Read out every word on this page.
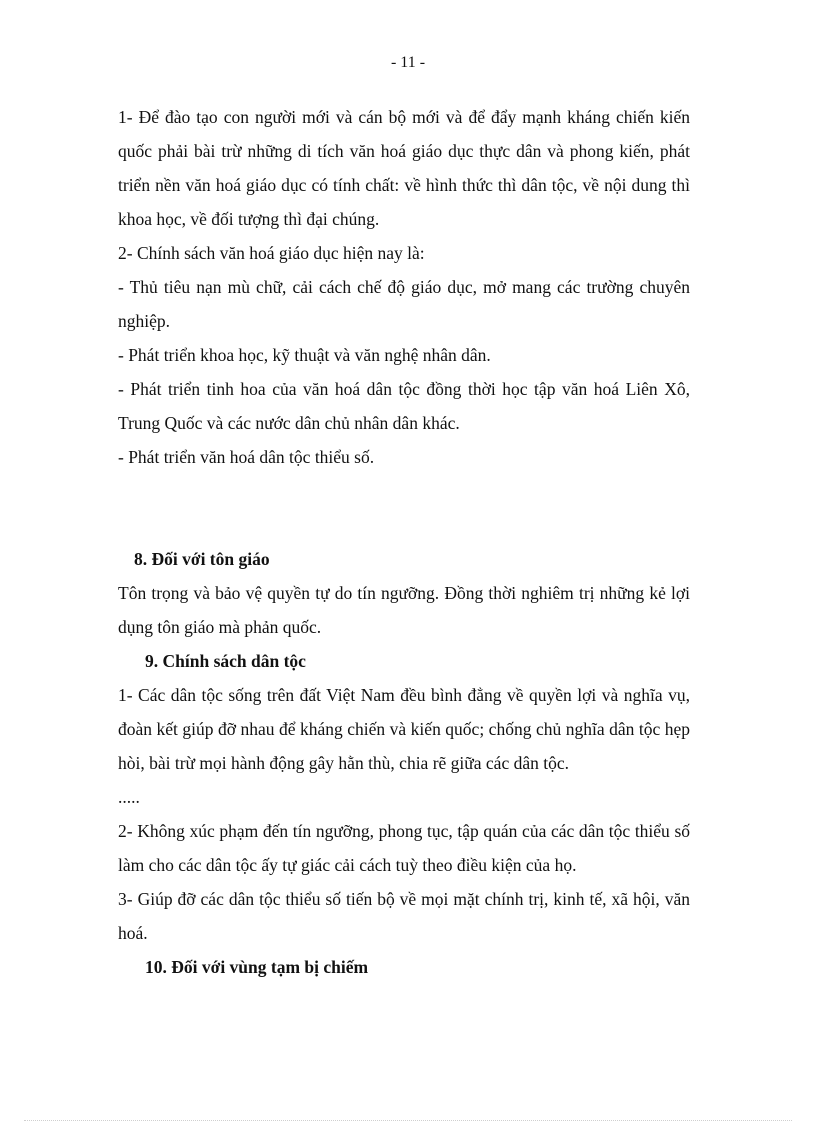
- 11 -

1- Để đào tạo con người mới và cán bộ mới và để đẩy mạnh kháng chiến kiến quốc phải bài trừ những di tích văn hoá giáo dục thực dân và phong kiến, phát triển nền văn hoá giáo dục có tính chất: về hình thức thì dân tộc, về nội dung thì khoa học, về đối tượng thì đại chúng.

2- Chính sách văn hoá giáo dục hiện nay là:

- Thủ tiêu nạn mù chữ, cải cách chế độ giáo dục, mở mang các trường chuyên nghiệp.

- Phát triển khoa học, kỹ thuật và văn nghệ nhân dân.

- Phát triển tinh hoa của văn hoá dân tộc đồng thời học tập văn hoá Liên Xô, Trung Quốc và các nước dân chủ nhân dân khác.

- Phát triển văn hoá dân tộc thiểu số.

8. Đối với tôn giáo

Tôn trọng và bảo vệ quyền tự do tín ngưỡng. Đồng thời nghiêm trị những kẻ lợi dụng tôn giáo mà phản quốc.

9. Chính sách dân tộc

1- Các dân tộc sống trên đất Việt Nam đều bình đẳng về quyền lợi và nghĩa vụ, đoàn kết giúp đỡ nhau để kháng chiến và kiến quốc; chống chủ nghĩa dân tộc hẹp hòi, bài trừ mọi hành động gây hằn thù, chia rẽ giữa các dân tộc.

.....

2- Không xúc phạm đến tín ngưỡng, phong tục, tập quán của các dân tộc thiểu số làm cho các dân tộc ấy tự giác cải cách tuỳ theo điều kiện của họ.

3- Giúp đỡ các dân tộc thiểu số tiến bộ về mọi mặt chính trị, kinh tế, xã hội, văn hoá.

10. Đối với vùng tạm bị chiếm
